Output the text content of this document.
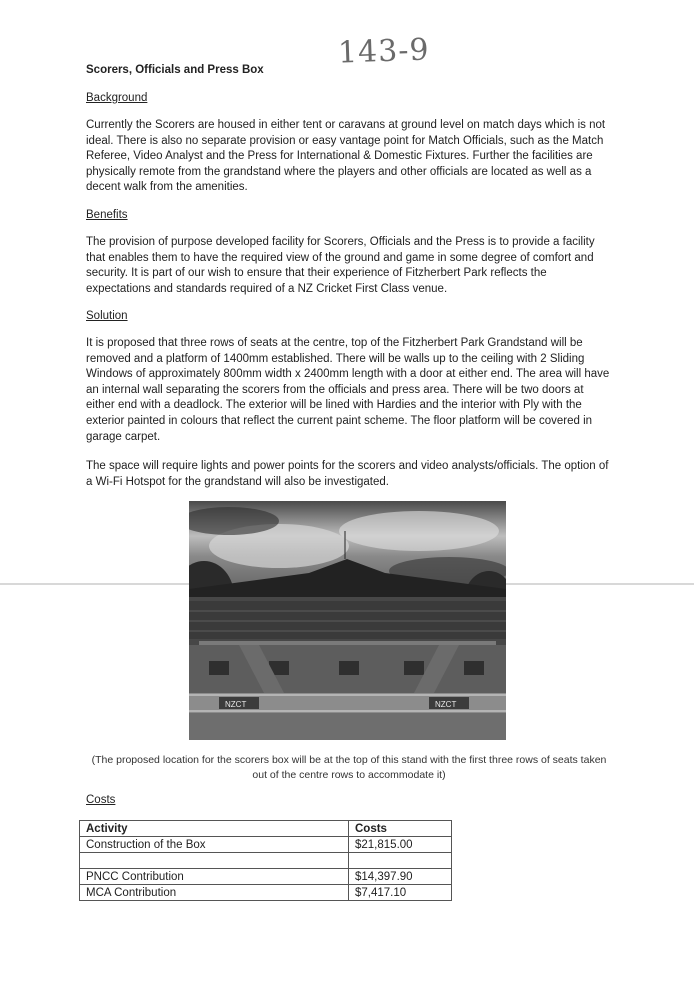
143-9

Scorers, Officials and Press Box

Background

Currently the Scorers are housed in either tent or caravans at ground level on match days which is not ideal. There is also no separate provision or easy vantage point for Match Officials, such as the Match Referee, Video Analyst and the Press for International & Domestic Fixtures. Further the facilities are physically remote from the grandstand where the players and other officials are located as well as a decent walk from the amenities.

Benefits

The provision of purpose developed facility for Scorers, Officials and the Press is to provide a facility that enables them to have the required view of the ground and game in some degree of comfort and security. It is part of our wish to ensure that their experience of Fitzherbert Park reflects the expectations and standards required of a NZ Cricket First Class venue.

Solution

It is proposed that three rows of seats at the centre, top of the Fitzherbert Park Grandstand will be removed and a platform of 1400mm established. There will be walls up to the ceiling with 2 Sliding Windows of approximately 800mm width x 2400mm length with a door at either end. The area will have an internal wall separating the scorers from the officials and press area. There will be two doors at either end with a deadlock. The exterior will be lined with Hardies and the interior with Ply with the exterior painted in colours that reflect the current paint scheme. The floor platform will be covered in garage carpet.

The space will require lights and power points for the scorers and video analysts/officials. The option of a Wi-Fi Hotspot for the grandstand will also be investigated.

NZCT	NZCT
(The proposed location for the scorers box will be at the top of this stand with the first three rows of seats taken out of the centre rows to accommodate it)

Costs

Activity	Costs
Construction of the Box	$21,815.00

PNCC Contribution	$14,397.90
MCA Contribution	$7,417.10
